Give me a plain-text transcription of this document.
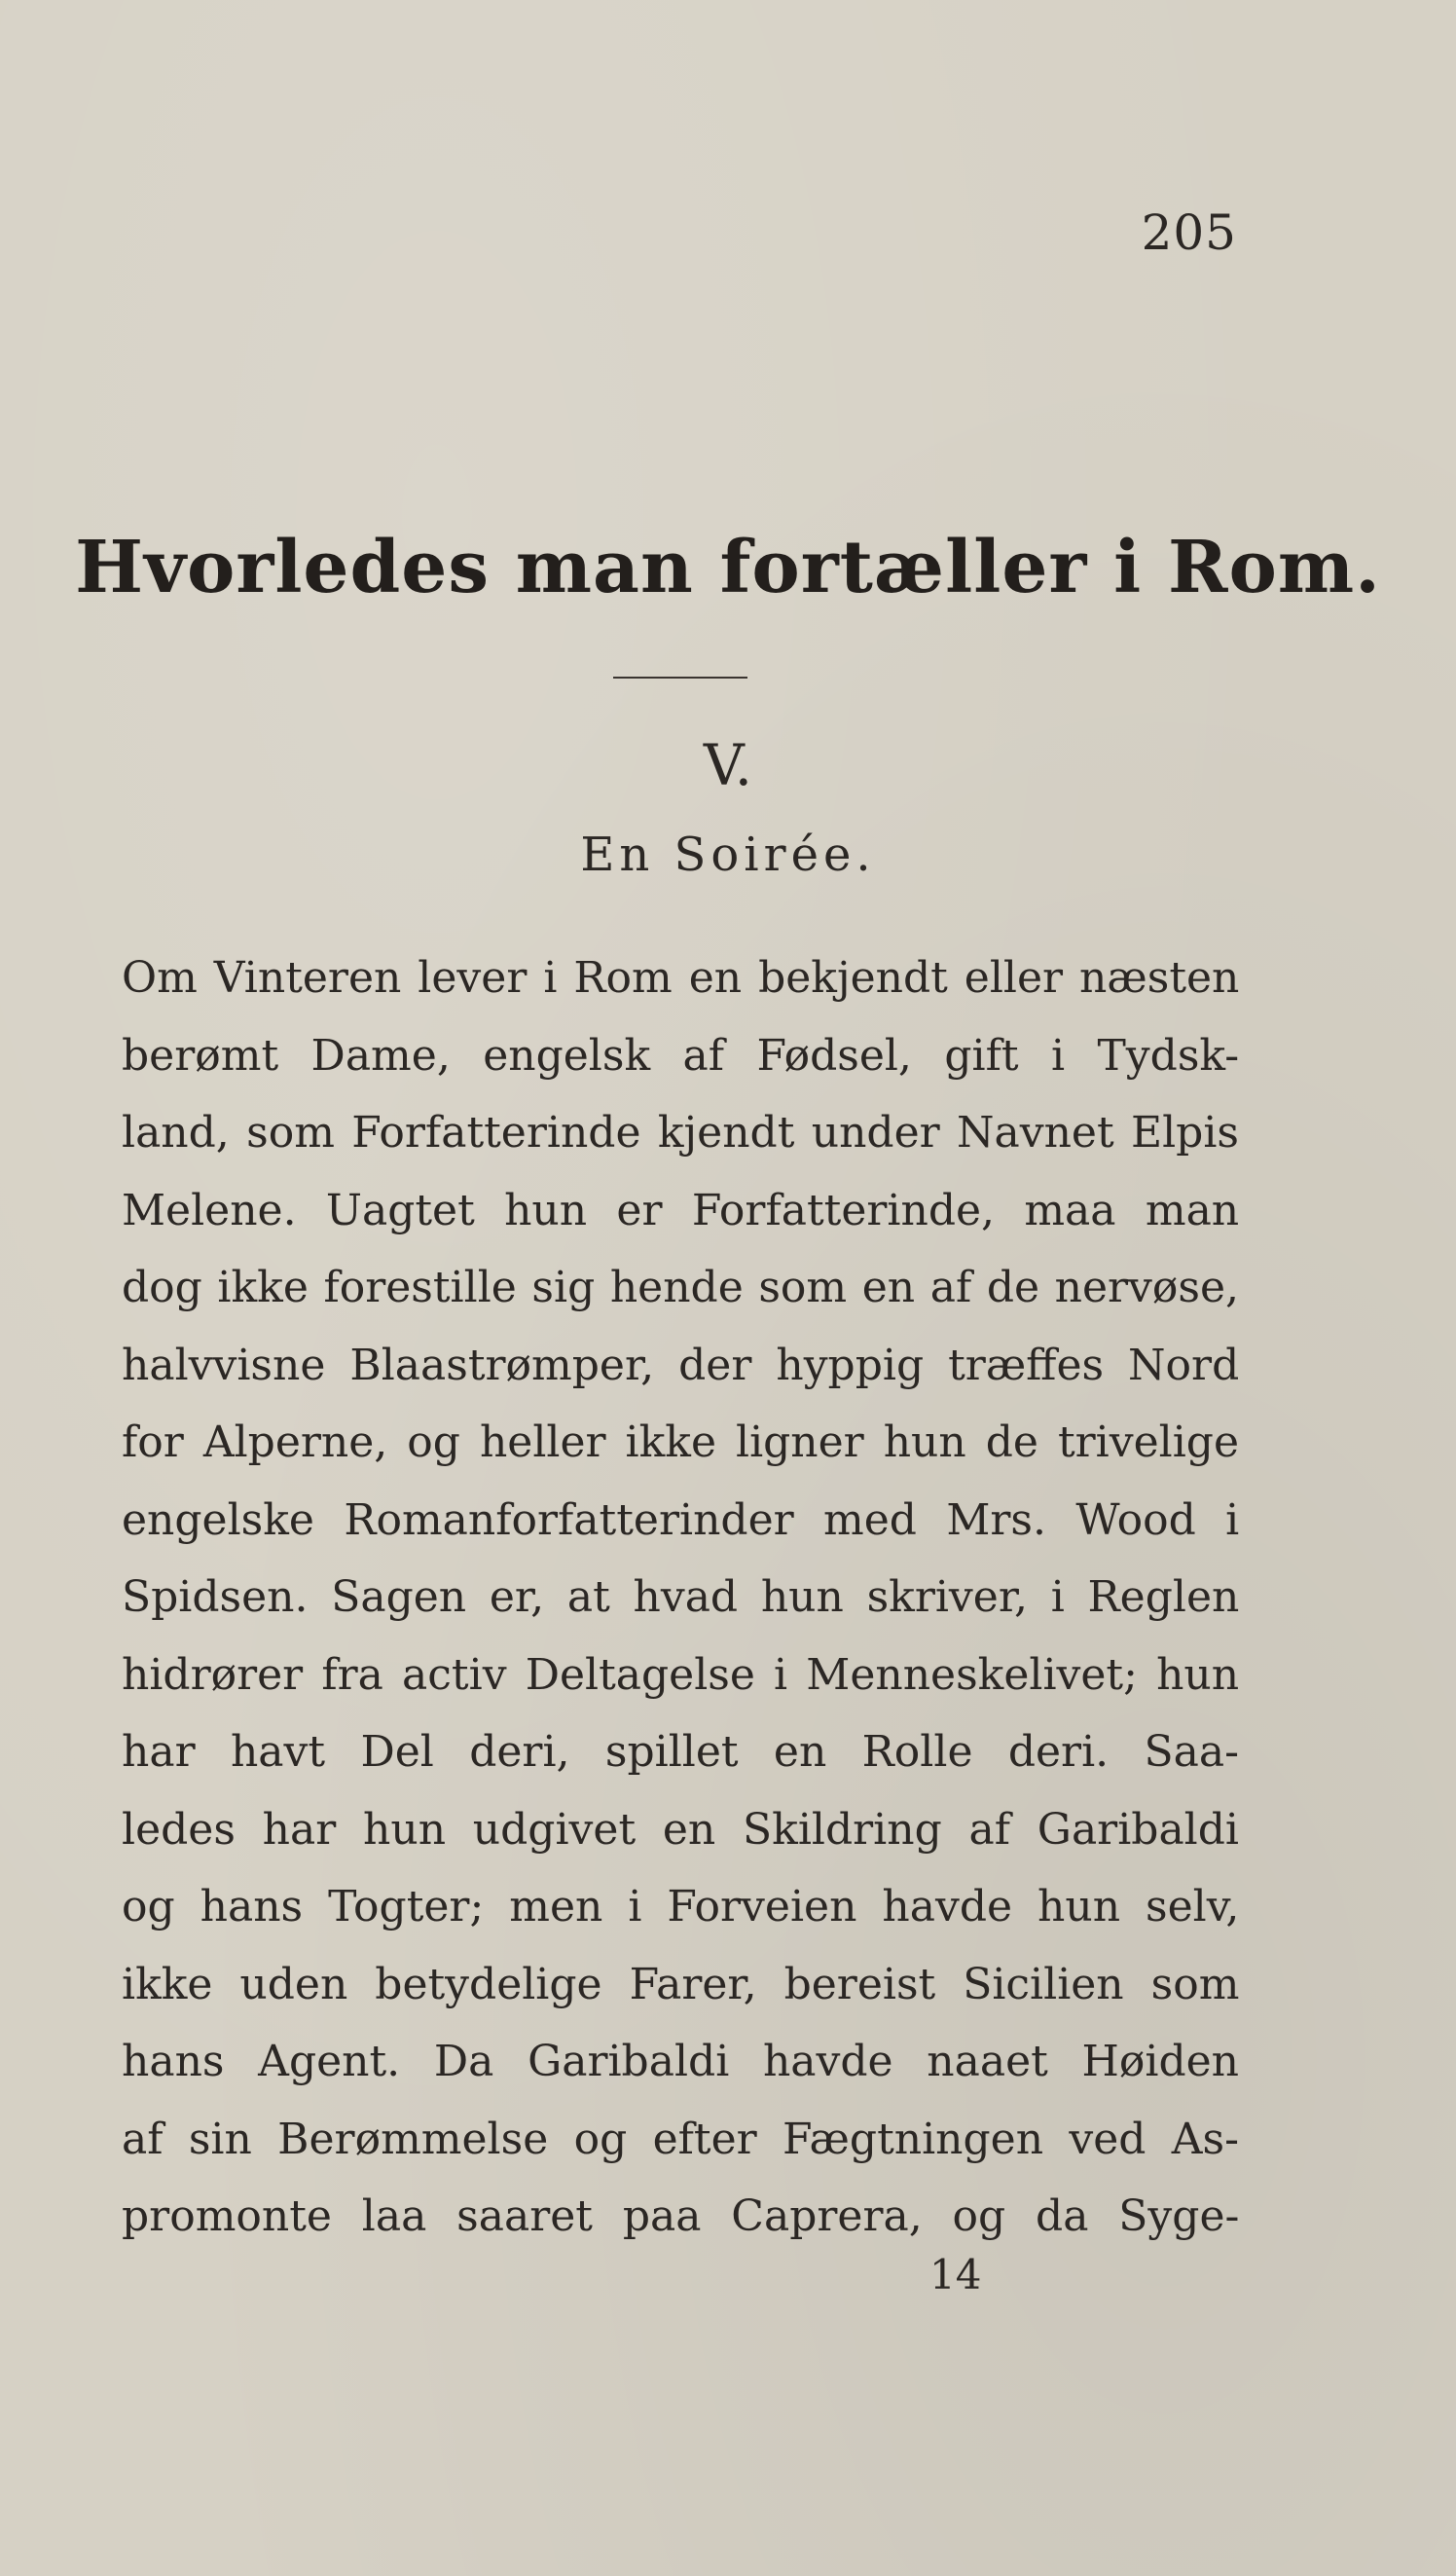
205
Hvorledes man fortæller i Rom.
V.
En Soirée.
Om Vinteren lever i Rom en bekjendt eller næsten
berømt Dame, engelsk af Fødsel, gift i Tydsk-
land, som Forfatterinde kjendt under Navnet Elpis
Melene. Uagtet hun er Forfatterinde, maa man
dog ikke forestille sig hende som en af de nervøse,
halvvisne Blaastrømper, der hyppig træffes Nord
for Alperne, og heller ikke ligner hun de trivelige
engelske Romanforfatterinder med Mrs. Wood i
Spidsen. Sagen er, at hvad hun skriver, i Reglen
hidrører fra activ Deltagelse i Menneskelivet; hun
har havt Del deri, spillet en Rolle deri. Saa-
ledes har hun udgivet en Skildring af Garibaldi
og hans Togter; men i Forveien havde hun selv,
ikke uden betydelige Farer, bereist Sicilien som
hans Agent. Da Garibaldi havde naaet Høiden
af sin Berømmelse og efter Fægtningen ved As-
promonte laa saaret paa Caprera, og da Syge-
14
